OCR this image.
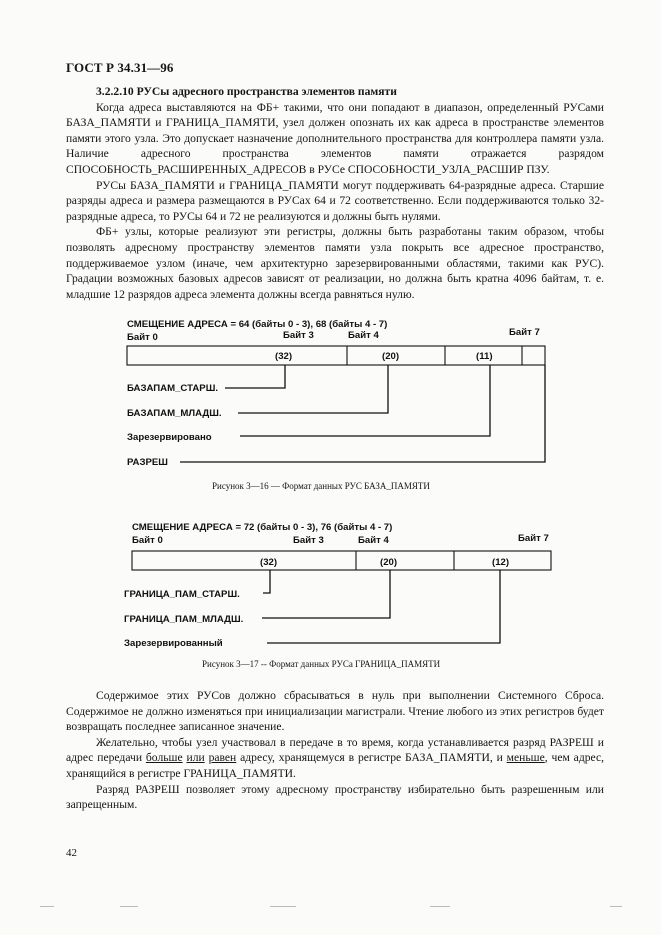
ГОСТ Р 34.31—96

3.2.2.10 РУСы адресного пространства элементов памяти

Когда адреса выставляются на ФБ+ такими, что они попадают в диапазон, определенный РУСами БАЗА_ПАМЯТИ и ГРАНИЦА_ПАМЯТИ, узел должен опознать их как адреса в пространстве элементов памяти этого узла. Это допускает назначение дополнительного пространства для контроллера памяти узла. Наличие адресного пространства элементов памяти отражается разрядом СПОСОБНОСТЬ_РАСШИРЕННЫХ_АДРЕСОВ в РУСе СПОСОБНОСТИ_УЗЛА_РАСШИР ПЗУ.

РУСы БАЗА_ПАМЯТИ и ГРАНИЦА_ПАМЯТИ могут поддерживать 64-разрядные адреса. Старшие разряды адреса и размера размещаются в РУСах 64 и 72 соответственно. Если поддерживаются только 32-разрядные адреса, то РУСы 64 и 72 не реализуются и должны быть нулями.

ФБ+ узлы, которые реализуют эти регистры, должны быть разработаны таким образом, чтобы позволять адресному пространству элементов памяти узла покрыть все адресное пространство, поддерживаемое узлом (иначе, чем архитектурно зарезервированными областями, такими как РУС). Градации возможных базовых адресов зависят от реализации, но должна быть кратна 4096 байтам, т. е. младшие 12 разрядов адреса элемента должны всегда равняться нулю.

СМЕЩЕНИЕ АДРЕСА = 64 (байты 0 - 3), 68 (байты 4 - 7)
Байт 0	Байт 3	Байт 4	Байт 7
(32)	(20)	(11)
БАЗАПАМ_СТАРШ.
БАЗАПАМ_МЛАДШ.
Зарезервировано
РАЗРЕШ
СМЕЩЕНИЕ АДРЕСА = 72 (байты 0 - 3), 76 (байты 4 - 7)
Байт 0	Байт 3	Байт 4	Байт 7
(32)	(20)	(12)
ГРАНИЦА_ПАМ_СТАРШ.
ГРАНИЦА_ПАМ_МЛАДШ.
Зарезервированный
Рисунок 3—16 — Формат данных РУС БАЗА_ПАМЯТИ
Рисунок 3—17 -- Формат данных РУСа ГРАНИЦА_ПАМЯТИ

Содержимое этих РУСов должно сбрасываться в нуль при выполнении Системного Сброса. Содержимое не должно изменяться при инициализации магистрали. Чтение любого из этих регистров будет возвращать последнее записанное значение.

Желательно, чтобы узел участвовал в передаче в то время, когда устанавливается разряд РАЗРЕШ и адрес передачи больше или равен адресу, хранящемуся в регистре БАЗА_ПАМЯТИ, и меньше, чем адрес, хранящийся в регистре ГРАНИЦА_ПАМЯТИ.

Разряд РАЗРЕШ позволяет этому адресному пространству избирательно быть разрешенным или запрещенным.

42
